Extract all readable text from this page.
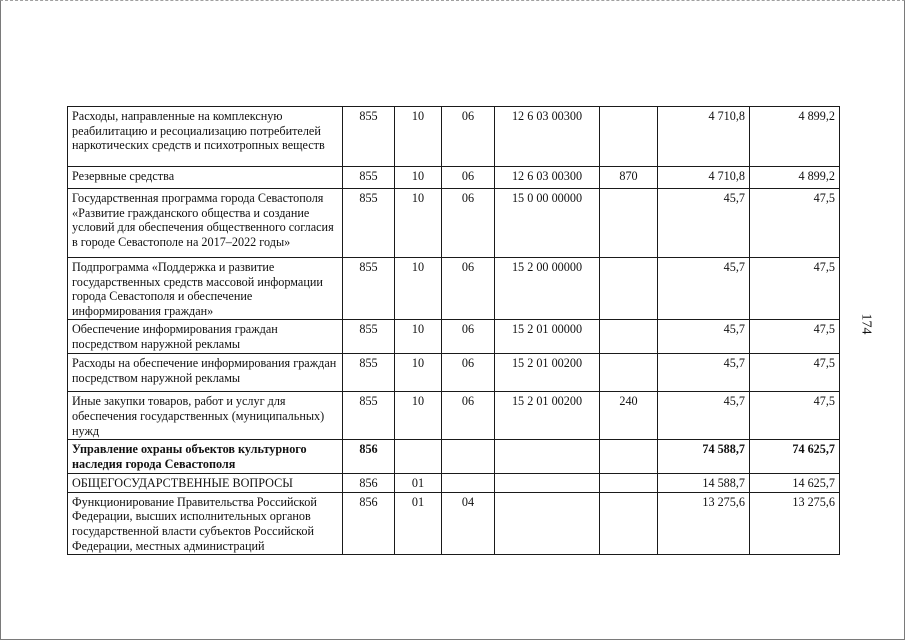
Расходы, направленные на комплексную реабилитацию и ресоциализацию потребителей наркотических средств и психотропных веществ	855	10	06	12 6 03 00300		4 710,8	4 899,2
Резервные средства	855	10	06	12 6 03 00300	870	4 710,8	4 899,2
Государственная программа города Севастополя «Развитие гражданского общества и создание условий для обеспечения общественного согласия в городе Севастополе на 2017–2022 годы»	855	10	06	15 0 00 00000		45,7	47,5
Подпрограмма «Поддержка и развитие государственных средств массовой информации города Севастополя и обеспечение информирования граждан»	855	10	06	15 2 00 00000		45,7	47,5
Обеспечение информирования граждан посредством наружной рекламы	855	10	06	15 2 01 00000		45,7	47,5
Расходы на обеспечение информирования граждан посредством наружной рекламы	855	10	06	15 2 01 00200		45,7	47,5
Иные закупки товаров, работ и услуг для обеспечения государственных (муниципальных) нужд	855	10	06	15 2 01 00200	240	45,7	47,5
Управление охраны объектов культурного наследия города Севастополя	856					74 588,7	74 625,7
ОБЩЕГОСУДАРСТВЕННЫЕ ВОПРОСЫ	856	01				14 588,7	14 625,7
Функционирование Правительства Российской Федерации, высших исполнительных органов государственной власти субъектов Российской Федерации, местных администраций	856	01	04			13 275,6	13 275,6
174
